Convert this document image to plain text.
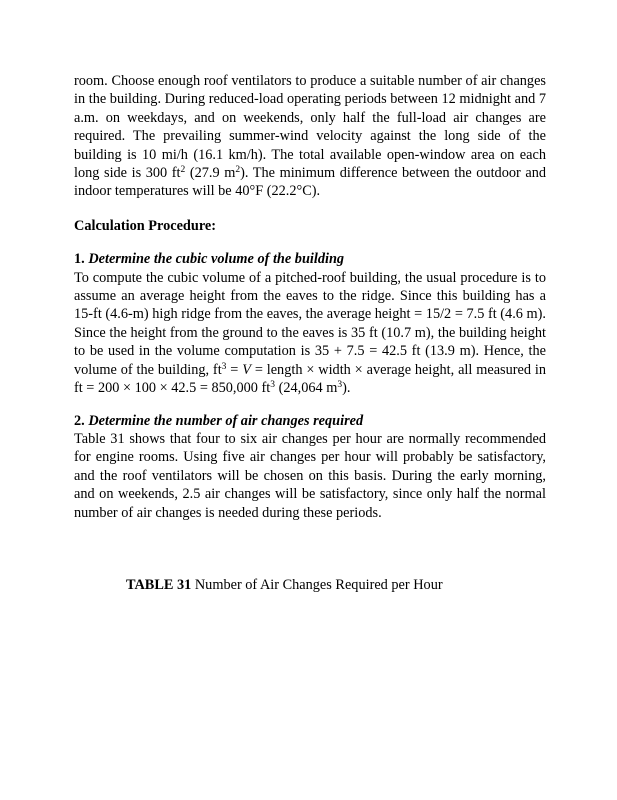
room. Choose enough roof ventilators to produce a suitable number of air changes in the building. During reduced-load operating periods between 12 midnight and 7 a.m. on weekdays, and on weekends, only half the full-load air changes are required. The prevailing summer-wind velocity against the long side of the building is 10 mi/h (16.1 km/h). The total available open-window area on each long side is 300 $ft^2$ (27.9 $m^2$). The minimum difference between the outdoor and indoor temperatures will be 40°F (22.2°C).

Calculation Procedure:

1. Determine the cubic volume of the building

To compute the cubic volume of a pitched-roof building, the usual procedure is to assume an average height from the eaves to the ridge. Since this building has a 15-ft (4.6-m) high ridge from the eaves, the average height = 15/2 = 7.5 ft (4.6 m). Since the height from the ground to the eaves is 35 ft (10.7 m), the building height to be used in the volume computation is 35 + 7.5 = 42.5 ft (13.9 m). Hence, the volume of the building, $ft^3 = V$ = length × width × average height, all measured in ft = 200 × 100 × 42.5 = 850,000 $ft^3$ (24,064 $m^3$).

2. Determine the number of air changes required

Table 31 shows that four to six air changes per hour are normally recommended for engine rooms. Using five air changes per hour will probably be satisfactory, and the roof ventilators will be chosen on this basis. During the early morning, and on weekends, 2.5 air changes will be satisfactory, since only half the normal number of air changes is needed during these periods.

TABLE 31 Number of Air Changes Required per Hour
